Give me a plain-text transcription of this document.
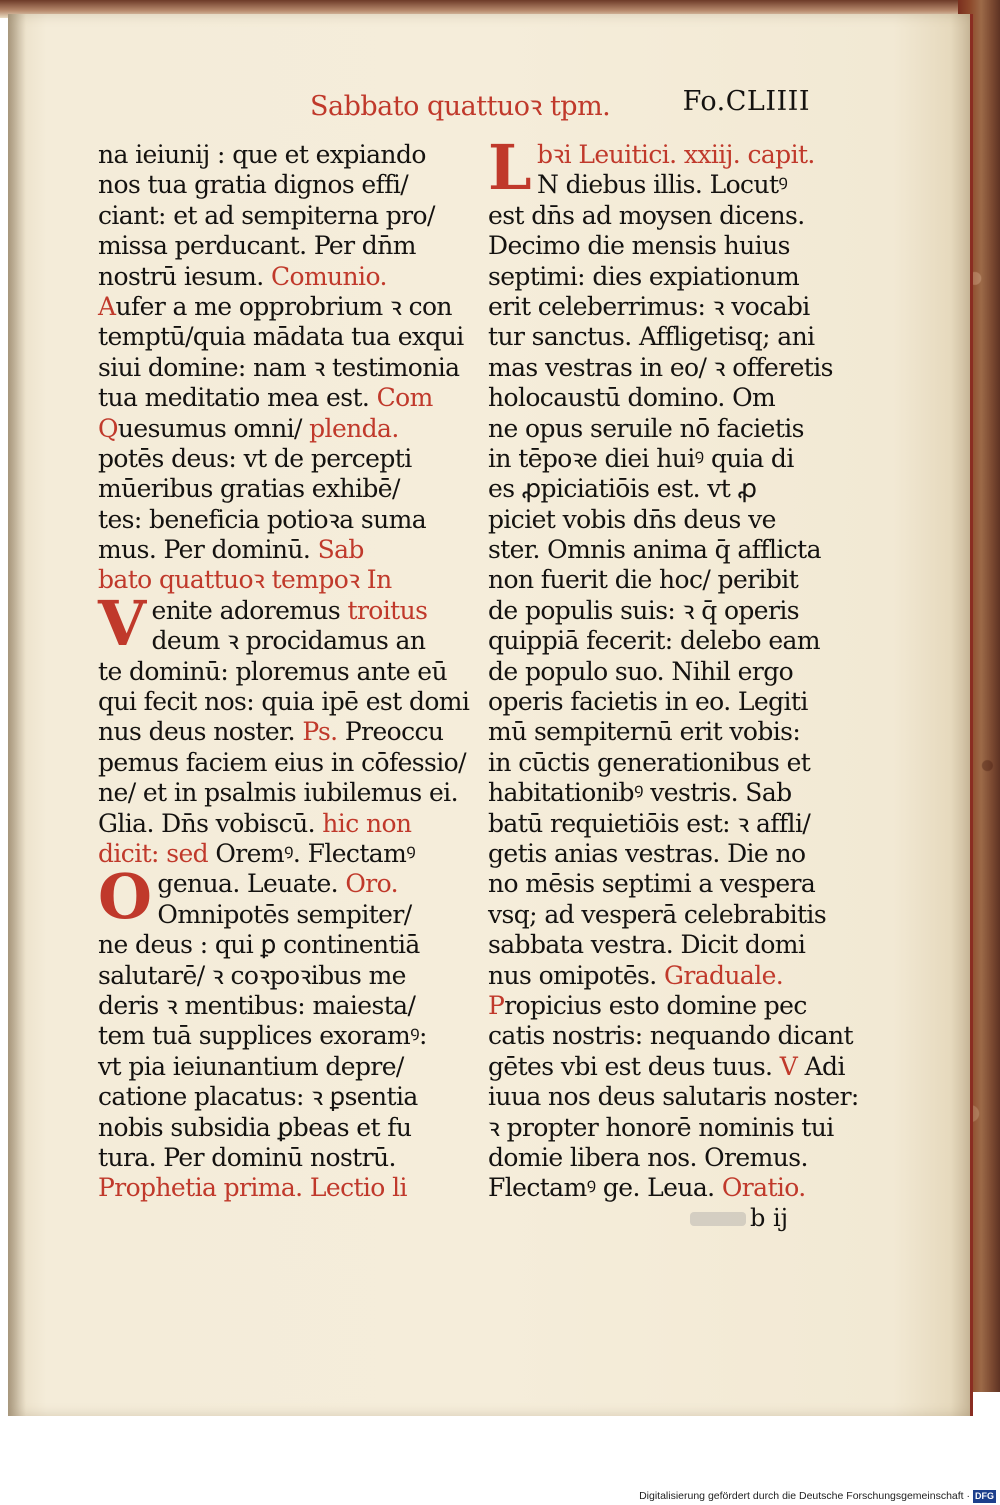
Sabbato quattuoꝛ tpm.	Fo.CLIIII
na ieiunij : que et expiando
nos tua gratia dignos effi/
ciant: et ad sempiterna pro/
missa perducant. Per dn̄m
nostrū iesum. Comunio.
Aufer a me opprobrium ꝛ con
temptū/quia mādata tua exqui
siui domine: nam ꝛ testimonia
tua meditatio mea est. Com
Quesumus omni/ plenda.
potēs deus: vt de percepti
mūeribus gratias exhibē/
tes: beneficia potioꝛa suma
mus. Per dominū. Sab
bato quattuoꝛ tempoꝛ In
Venite adoremus troitus
deum ꝛ procidamus an
te dominū: ploremus ante eū
qui fecit nos: quia ipē est domi
nus deus noster. Ps. Preoccu
pemus faciem eius in cōfessio/
ne/ et in psalmis iubilemus ei.
Glia. Dn̄s vobiscū. hic non
dicit: sed Oremꝰ. Flectamꝰ
Ogenua. Leuate. Oro.
Omnipotēs sempiter/
ne deus : qui ꝑ continentiā
salutarē/ ꝛ coꝛpoꝛibus me
deris ꝛ mentibus: maiesta/
tem tuā supplices exoramꝰ:
vt pia ieiunantium depre/
catione placatus: ꝛ ꝑsentia
nobis subsidia ꝑbeas et fu
tura. Per dominū nostrū.
Prophetia prima. Lectio li
Lbꝛi Leuitici. xxiij. capit.
N diebus illis. Locutꝰ
est dn̄s ad moysen dicens.
Decimo die mensis huius
septimi: dies expiationum
erit celeberrimus: ꝛ vocabi
tur sanctus. Affligetisq; ani
mas vestras in eo/ ꝛ offeretis
holocaustū domino. Om
ne opus seruile nō facietis
in tēpoꝛe diei huiꝰ quia di
es ꝓpiciatiōis est. vt ꝓ
piciet vobis dn̄s deus ve
ster. Omnis anima q̄ afflicta
non fuerit die hoc/ peribit
de populis suis: ꝛ q̄ operis
quippiā fecerit: delebo eam
de populo suo. Nihil ergo
operis facietis in eo. Legiti
mū sempiternū erit vobis:
in cūctis generationibus et
habitationibꝰ vestris. Sab
batū requietiōis est: ꝛ affli/
getis anias vestras. Die no
no mēsis septimi a vespera
vsq; ad vesperā celebrabitis
sabbata vestra. Dicit domi
nus omipotēs. Graduale.
Propicius esto domine pec
catis nostris: nequando dicant
gētes vbi est deus tuus. V Adi
iuua nos deus salutaris noster:
ꝛ propter honorē nominis tui
domie libera nos. Oremus.
Flectamꝰ ge. Leua. Oratio.
b ij
Digitalisierung gefördert durch die Deutsche Forschungsgemeinschaft · DFG
